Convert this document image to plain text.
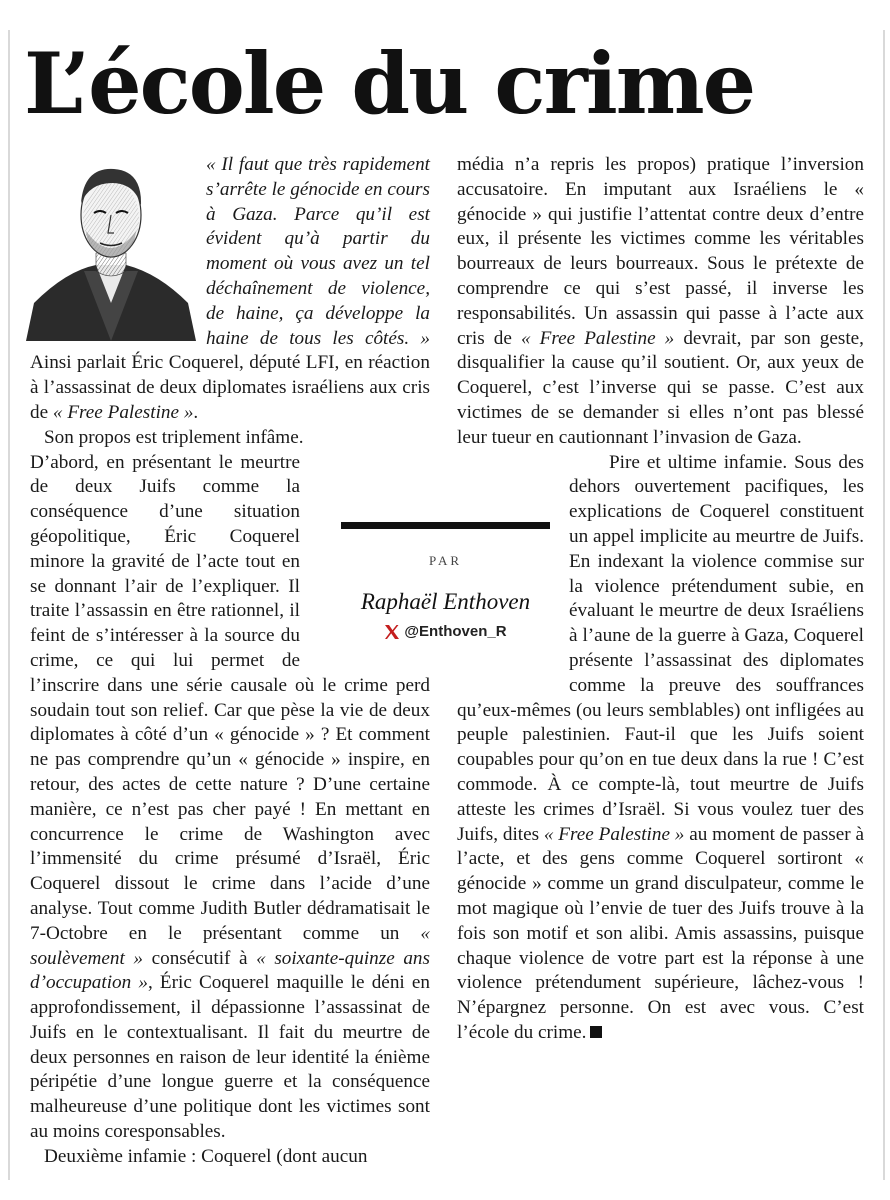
L’école du crime

« Il faut que très rapidement s’arrête le génocide en cours à Gaza. Parce qu’il est évident qu’à partir du moment où vous avez un tel déchaînement de violence, de haine, ça développe la haine de tous les côtés. » Ainsi parlait Éric Coquerel, député LFI, en réaction à l’assassinat de deux diplomates israéliens aux cris de « Free Palestine ».

Son propos est triplement infâme.

D’abord, en présentant le meurtre de deux Juifs comme la conséquence d’une situation géopolitique, Éric Coquerel minore la gravité de l’acte tout en se donnant l’air de l’expliquer. Il traite l’assassin en être rationnel, il feint de s’intéresser à la source du crime, ce qui lui permet de l’inscrire dans une série causale où le crime perd soudain tout son relief. Car que pèse la vie de deux diplomates à côté d’un « génocide » ? Et comment ne pas comprendre qu’un « génocide » inspire, en retour, des actes de cette nature ? D’une certaine manière, ce n’est pas cher payé ! En mettant en concurrence le crime de Washington avec l’immensité du crime présumé d’Israël, Éric Coquerel dissout le crime dans l’acide d’une analyse. Tout comme Judith Butler dédramatisait le 7-Octobre en le présentant comme un « soulèvement » consécutif à « soixante-quinze ans d’occupation », Éric Coquerel maquille le déni en approfondissement, il dépassionne l’assassinat de Juifs en le contextualisant. Il fait du meurtre de deux personnes en raison de leur identité la énième péripétie d’une longue guerre et la conséquence malheureuse d’une politique dont les victimes sont au moins coresponsables.

Deuxième infamie : Coquerel (dont aucun

média n’a repris les propos) pratique l’inversion accusatoire. En imputant aux Israéliens le « génocide » qui justifie l’attentat contre deux d’entre eux, il présente les victimes comme les véritables bourreaux de leurs bourreaux. Sous le prétexte de comprendre ce qui s’est passé, il inverse les responsabilités. Un assassin qui passe à l’acte aux cris de « Free Palestine » devrait, par son geste, disqualifier la cause qu’il soutient. Or, aux yeux de Coquerel, c’est l’inverse qui se passe. C’est aux victimes de se demander si elles n’ont pas blessé leur tueur en cautionnant l’invasion de Gaza.

Pire et ultime infamie. Sous des dehors ouvertement pacifiques, les explications de Coquerel constituent un appel implicite au meurtre de Juifs. En indexant la violence commise sur la violence prétendument subie, en évaluant le meurtre de deux Israéliens à l’aune de la guerre à Gaza, Coquerel présente l’assassinat des diplomates comme la preuve des souffrances qu’eux-mêmes (ou leurs semblables) ont infligées au peuple palestinien. Faut-il que les Juifs soient coupables pour qu’on en tue deux dans la rue ! C’est commode. À ce compte-là, tout meurtre de Juifs atteste les crimes d’Israël. Si vous voulez tuer des Juifs, dites « Free Palestine » au moment de passer à l’acte, et des gens comme Coquerel sortiront « génocide » comme un grand disculpateur, comme le mot magique où l’envie de tuer des Juifs trouve à la fois son motif et son alibi. Amis assassins, puisque chaque violence de votre part est la réponse à une violence prétendument supérieure, lâchez-vous ! N’épargnez personne. On est avec vous. C’est l’école du crime.

PAR
Raphaël Enthoven
@Enthoven_R
